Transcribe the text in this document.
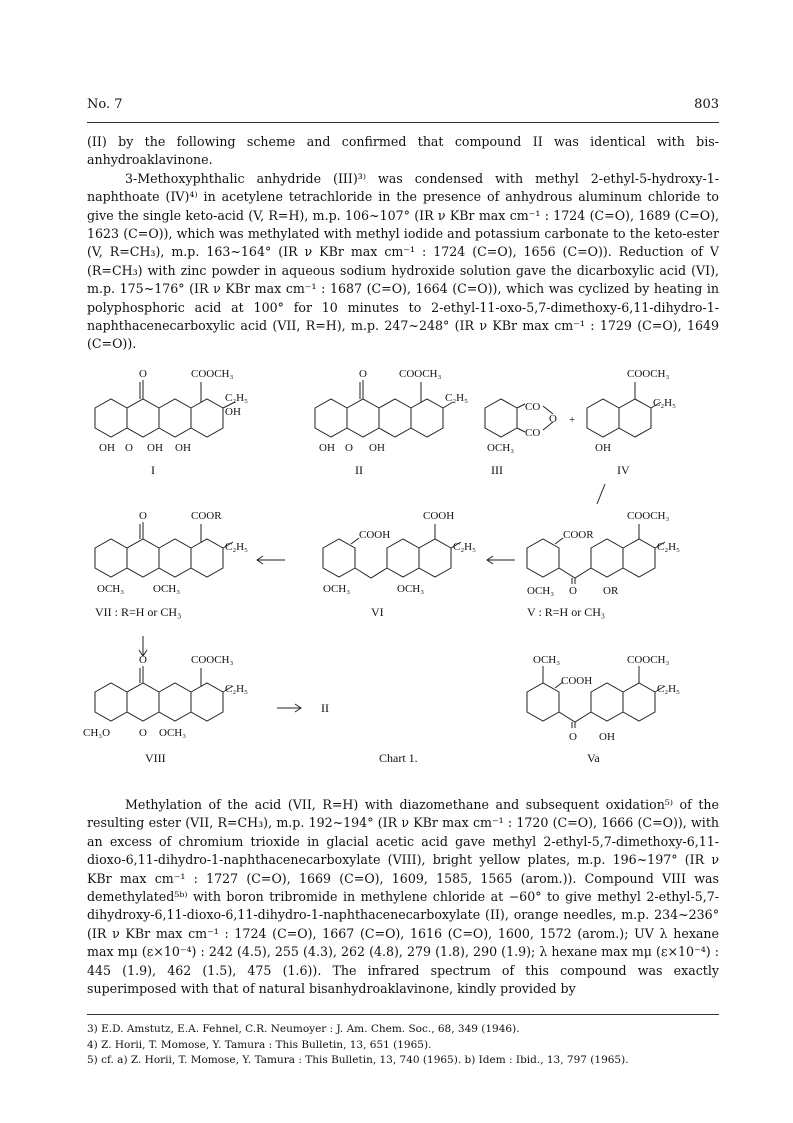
No. 7	803

(II) by the following scheme and confirmed that compound II was identical with bis-anhydroaklavinone.

3-Methoxyphthalic anhydride (III)³⁾ was condensed with methyl 2-ethyl-5-hydroxy-1-naphthoate (IV)⁴⁾ in acetylene tetrachloride in the presence of anhydrous aluminum chloride to give the single keto-acid (V, R=H), m.p. 106~107° (IR ν KBr max cm⁻¹ : 1724 (C=O), 1689 (C=O), 1623 (C=O)), which was methylated with methyl iodide and potassium carbonate to the keto-ester (V, R=CH₃), m.p. 163~164° (IR ν KBr max cm⁻¹ : 1724 (C=O), 1656 (C=O)). Reduction of V (R=CH₃) with zinc powder in aqueous sodium hydroxide solution gave the dicarboxylic acid (VI), m.p. 175~176° (IR ν KBr max cm⁻¹ : 1687 (C=O), 1664 (C=O)), which was cyclized by heating in polyphosphoric acid at 100° for 10 minutes to 2-ethyl-11-oxo-5,7-dimethoxy-6,11-dihydro-1-naphthacenecarboxylic acid (VII, R=H), m.p. 247~248° (IR ν KBr max cm⁻¹ : 1729 (C=O), 1649 (C=O)).

O	COOCH₃
C₂H₅
OH
OH O OH OH
I
O	COOCH₃
C₂H₅
OH O OH
II
CO
CO
O
OCH₃
III
+
COOCH₃
C₂H₅
OH
IV
O	COOR
C₂H₅
OCH₃	OCH₃
VII : R=H or CH₃
COOH
COOH
C₂H₅
OCH₃	OCH₃
VI
COOR
COOCH₃
C₂H₅
OCH₃ O OR
V : R=H or CH₃
O	COOCH₃
C₂H₅
CH₃O	O OCH₃
VIII
II
Chart 1.
OCH₃
COOH
COOCH₃
C₂H₅
O OH
Va

Methylation of the acid (VII, R=H) with diazomethane and subsequent oxidation⁵⁾ of the resulting ester (VII, R=CH₃), m.p. 192~194° (IR ν KBr max cm⁻¹ : 1720 (C=O), 1666 (C=O)), with an excess of chromium trioxide in glacial acetic acid gave methyl 2-ethyl-5,7-dimethoxy-6,11-dioxo-6,11-dihydro-1-naphthacenecarboxylate (VIII), bright yellow plates, m.p. 196~197° (IR ν KBr max cm⁻¹ : 1727 (C=O), 1669 (C=O), 1609, 1585, 1565 (arom.)). Compound VIII was demethylated⁵ᵇ⁾ with boron tribromide in methylene chloride at −60° to give methyl 2-ethyl-5,7-dihydroxy-6,11-dioxo-6,11-dihydro-1-naphthacenecarboxylate (II), orange needles, m.p. 234~236° (IR ν KBr max cm⁻¹ : 1724 (C=O), 1667 (C=O), 1616 (C=O), 1600, 1572 (arom.); UV λ hexane max mμ (ε×10⁻⁴) : 242 (4.5), 255 (4.3), 262 (4.8), 279 (1.8), 290 (1.9); λ hexane max mμ (ε×10⁻⁴) : 445 (1.9), 462 (1.5), 475 (1.6)). The infrared spectrum of this compound was exactly superimposed with that of natural bisanhydroaklavinone, kindly provided by

3) E.D. Amstutz, E.A. Fehnel, C.R. Neumoyer : J. Am. Chem. Soc., 68, 349 (1946).
4) Z. Horii, T. Momose, Y. Tamura : This Bulletin, 13, 651 (1965).
5) cf. a) Z. Horii, T. Momose, Y. Tamura : This Bulletin, 13, 740 (1965). b) Idem : Ibid., 13, 797 (1965).
